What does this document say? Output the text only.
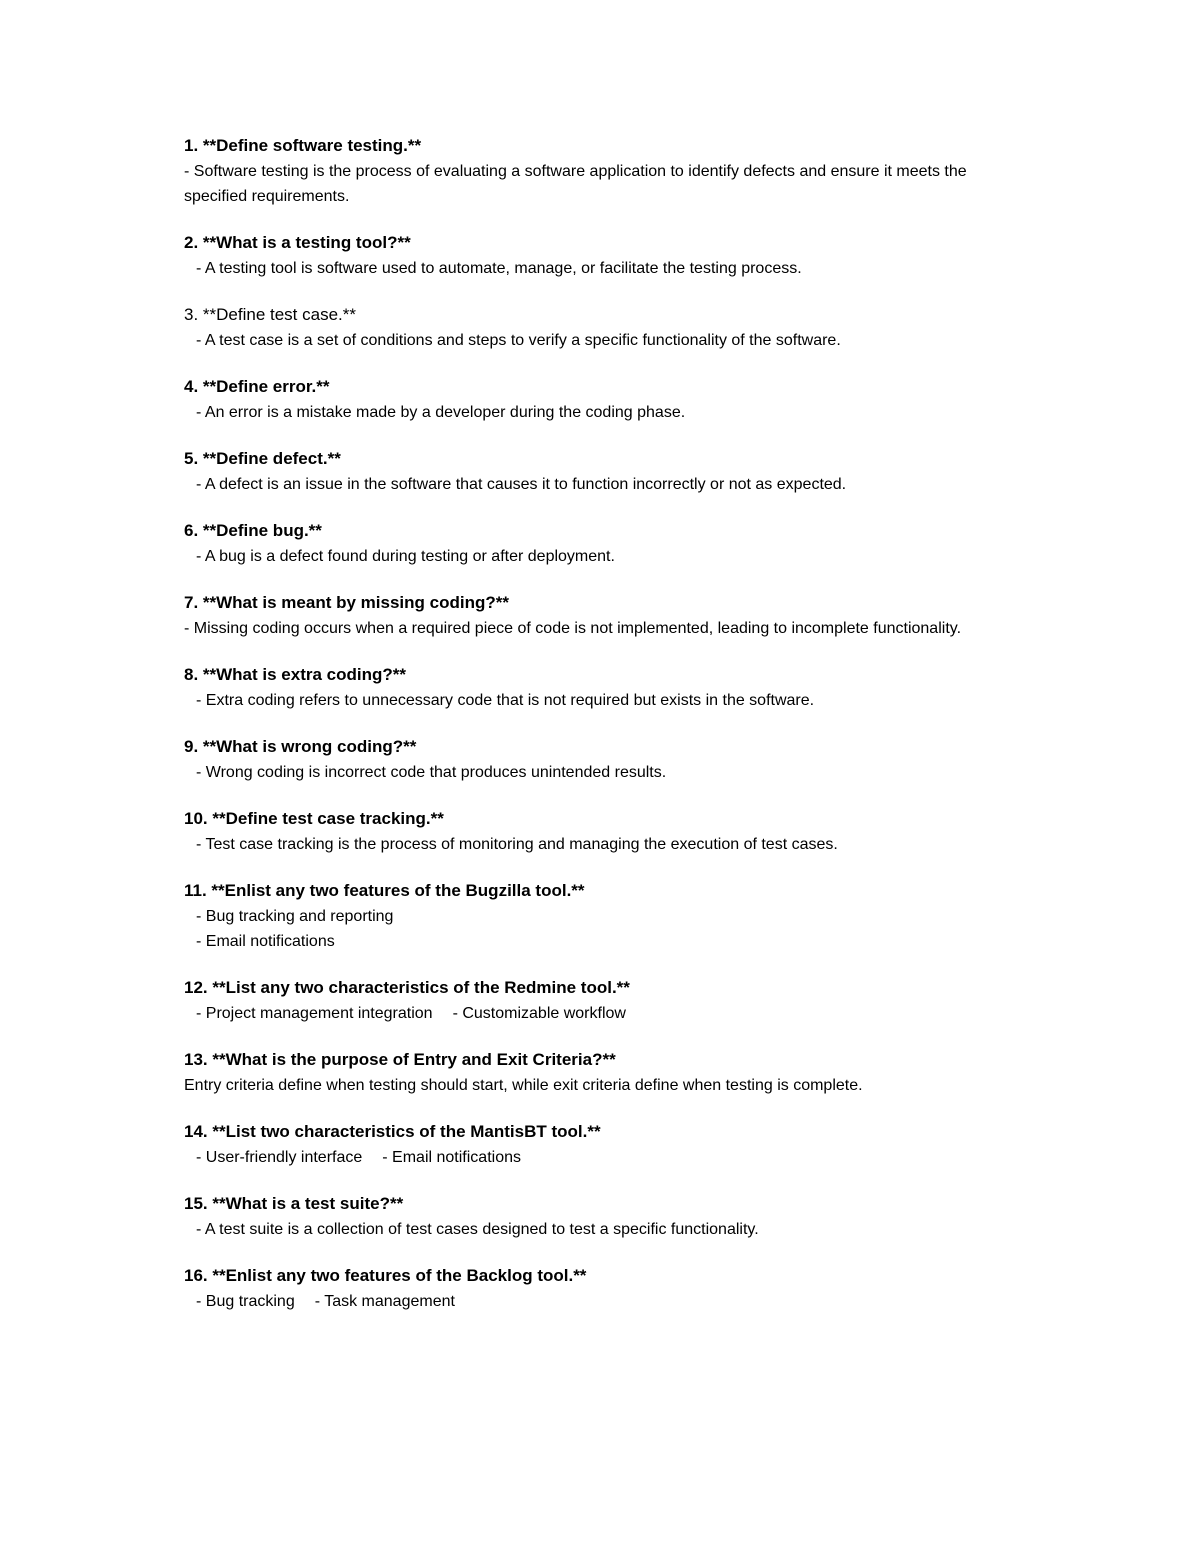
1. **Define software testing.**
- Software testing is the process of evaluating a software application to identify defects and ensure it meets the specified requirements.
2. **What is a testing tool?**
- A testing tool is software used to automate, manage, or facilitate the testing process.
3. **Define test case.**
- A test case is a set of conditions and steps to verify a specific functionality of the software.
4. **Define error.**
- An error is a mistake made by a developer during the coding phase.
5. **Define defect.**
- A defect is an issue in the software that causes it to function incorrectly or not as expected.
6. **Define bug.**
- A bug is a defect found during testing or after deployment.
7. **What is meant by missing coding?**
- Missing coding occurs when a required piece of code is not implemented, leading to incomplete functionality.
8. **What is extra coding?**
- Extra coding refers to unnecessary code that is not required but exists in the software.
9. **What is wrong coding?**
- Wrong coding is incorrect code that produces unintended results.
10. **Define test case tracking.**
- Test case tracking is the process of monitoring and managing the execution of test cases.
11. **Enlist any two features of the Bugzilla tool.**
- Bug tracking and reporting
- Email notifications
12. **List any two characteristics of the Redmine tool.**
- Project management integration - Customizable workflow
13. **What is the purpose of Entry and Exit Criteria?**
Entry criteria define when testing should start, while exit criteria define when testing is complete.
14. **List two characteristics of the MantisBT tool.**
- User-friendly interface - Email notifications
15. **What is a test suite?**
- A test suite is a collection of test cases designed to test a specific functionality.
16. **Enlist any two features of the Backlog tool.**
- Bug tracking - Task management
